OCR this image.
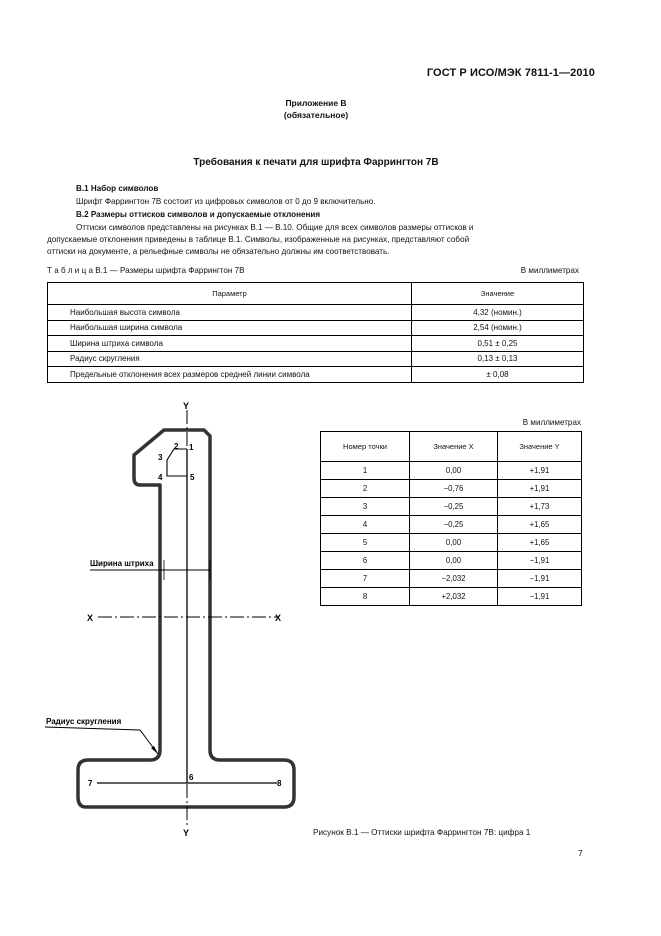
ГОСТ Р ИСО/МЭК 7811-1—2010
Приложение В
(обязательное)
Требования к печати для шрифта Фаррингтон 7В
В.1 Набор символов
Шрифт Фаррингтон 7В состоит из цифровых символов от 0 до 9 включительно.
В.2 Размеры оттисков символов и допускаемые отклонения
Оттиски символов представлены на рисунках В.1 — В.10. Общие для всех символов размеры оттисков и
допускаемые отклонения приведены в таблице В.1. Символы, изображенные на рисунках, представляют собой
оттиски на документе, а рельефные символы не обязательно должны им соответствовать.
Т а б л и ц а В.1 — Размеры шрифта Фаррингтон 7В	В миллиметрах
Параметр	Значение
Наибольшая высота символа	4,32 (номин.)
Наибольшая ширина символа	2,54 (номин.)
Ширина штриха символа	0,51 ± 0,25
Радиус скругления	0,13 ± 0,13
Предельные отклонения всех размеров средней линии символа	± 0,08
В миллиметрах
Номер точки	Значение X	Значение Y
1	0,00	+1,91
2	−0,76	+1,91
3	−0,25	+1,73
4	−0,25	+1,65
5	0,00	+1,65
6	0,00	−1,91
7	−2,032	−1,91
8	+2,032	−1,91
Y
Y
X	X
Ширина штриха
Радиус скругления
1
2
3
4	5
6
7	8
Рисунок В.1 — Оттиски шрифта Фаррингтон 7В: цифра 1
7
